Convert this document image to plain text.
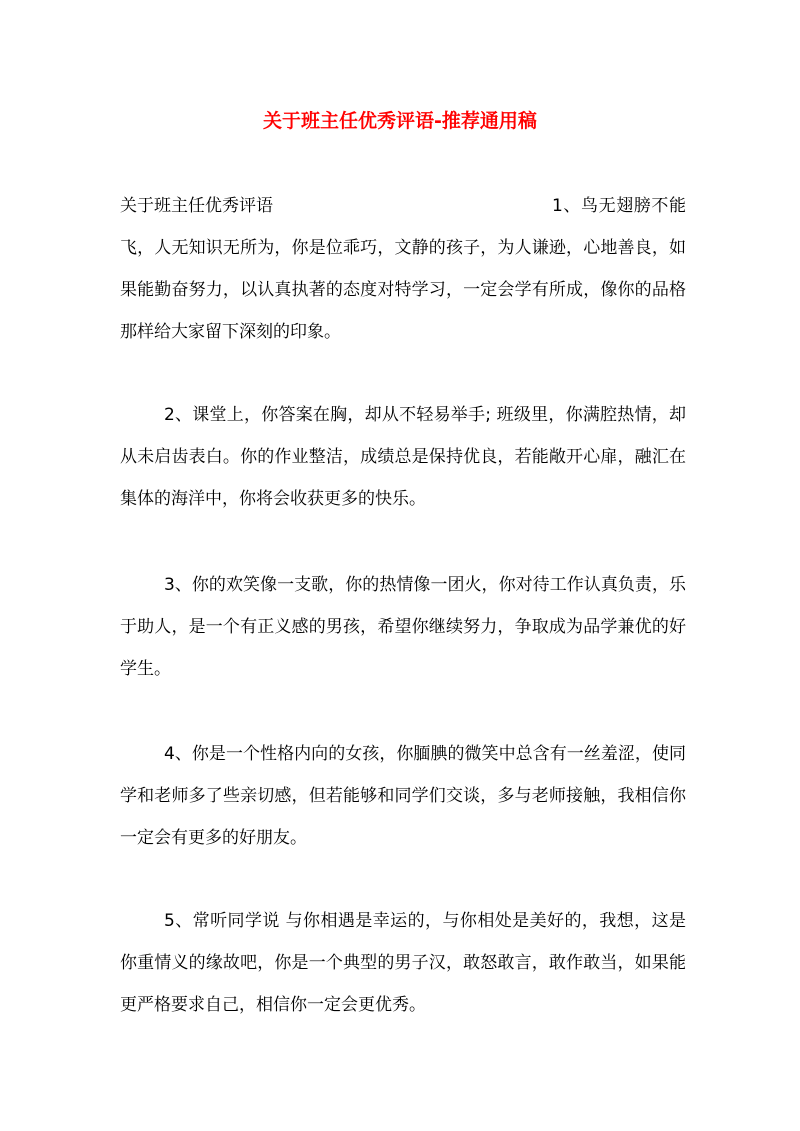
关于班主任优秀评语-推荐通用稿

关于班主任优秀评语	1、鸟无翅膀不能飞，人无知识无所为，你是位乖巧，文静的孩子，为人谦逊，心地善良，如果能勤奋努力，以认真执著的态度对特学习，一定会学有所成，像你的品格那样给大家留下深刻的印象。

2、课堂上，你答案在胸，却从不轻易举手; 班级里，你满腔热情，却从未启齿表白。你的作业整洁，成绩总是保持优良，若能敞开心扉，融汇在集体的海洋中，你将会收获更多的快乐。

3、你的欢笑像一支歌，你的热情像一团火，你对待工作认真负责，乐于助人，是一个有正义感的男孩，希望你继续努力，争取成为品学兼优的好学生。

4、你是一个性格内向的女孩，你腼腆的微笑中总含有一丝羞涩，使同学和老师多了些亲切感，但若能够和同学们交谈，多与老师接触，我相信你一定会有更多的好朋友。

5、常听同学说 与你相遇是幸运的，与你相处是美好的，我想，这是你重情义的缘故吧，你是一个典型的男子汉，敢怒敢言，敢作敢当，如果能更严格要求自己，相信你一定会更优秀。
